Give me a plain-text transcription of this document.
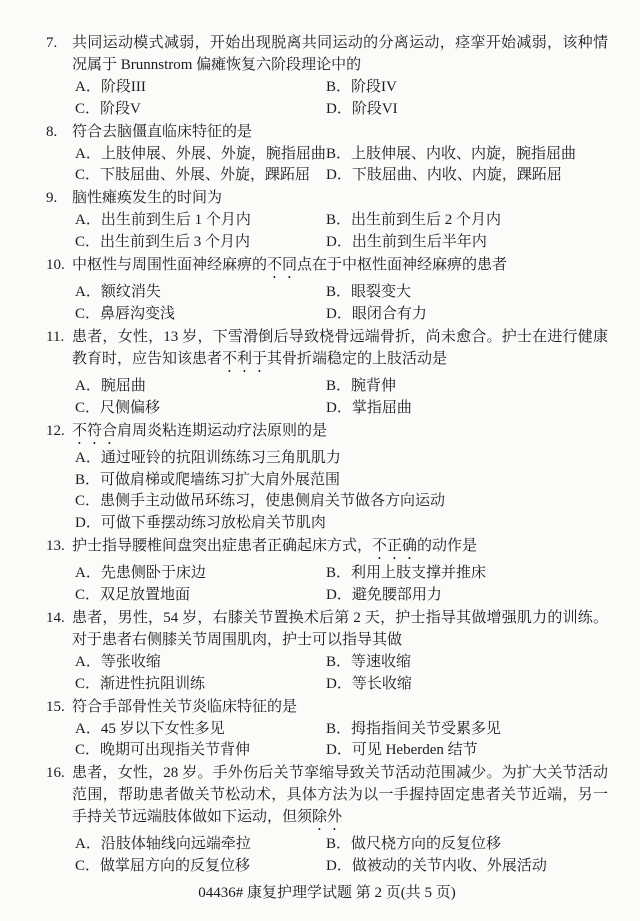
7. 共同运动模式减弱，开始出现脱离共同运动的分离运动，痉挛开始减弱，该种情况属于 Brunnstrom 偏瘫恢复六阶段理论中的
A．阶段III	B．阶段IV
C．阶段V	D．阶段VI
8. 符合去脑僵直临床特征的是
A．上肢伸展、外展、外旋，腕指屈曲 B．上肢伸展、内收、内旋，腕指屈曲
C．下肢屈曲、外展、外旋，踝跖屈	D．下肢屈曲、内收、内旋，踝跖屈
9. 脑性瘫痪发生的时间为
A．出生前到生后 1 个月内	B．出生前到生后 2 个月内
C．出生前到生后 3 个月内	D．出生前到生后半年内
10. 中枢性与周围性面神经麻痹的不同点在于中枢性面神经麻痹的患者
A．额纹消失	B．眼裂变大
C．鼻唇沟变浅	D．眼闭合有力
11. 患者，女性，13 岁，下雪滑倒后导致桡骨远端骨折，尚未愈合。护士在进行健康教育时，应告知该患者不利于其骨折端稳定的上肢活动是
A．腕屈曲	B．腕背伸
C．尺侧偏移	D．掌指屈曲
12. 不符合肩周炎粘连期运动疗法原则的是
A．通过哑铃的抗阻训练练习三角肌肌力
B．可做肩梯或爬墙练习扩大肩外展范围
C．患侧手主动做吊环练习，使患侧肩关节做各方向运动
D．可做下垂摆动练习放松肩关节肌肉
13. 护士指导腰椎间盘突出症患者正确起床方式，不正确的动作是
A．先患侧卧于床边	B．利用上肢支撑并推床
C．双足放置地面	D．避免腰部用力
14. 患者，男性，54 岁，右膝关节置换术后第 2 天，护士指导其做增强肌力的训练。对于患者右侧膝关节周围肌肉，护士可以指导其做
A．等张收缩	B．等速收缩
C．渐进性抗阻训练	D．等长收缩
15. 符合手部骨性关节炎临床特征的是
A．45 岁以下女性多见	B．拇指指间关节受累多见
C．晚期可出现指关节背伸	D．可见 Heberden 结节
16. 患者，女性，28 岁。手外伤后关节挛缩导致关节活动范围减少。为扩大关节活动范围，帮助患者做关节松动术，具体方法为以一手握持固定患者关节近端，另一手持关节远端肢体做如下运动，但须除外
A．沿肢体轴线向远端牵拉	B．做尺桡方向的反复位移
C．做掌屈方向的反复位移	D．做被动的关节内收、外展活动
04436# 康复护理学试题 第 2 页(共 5 页)
